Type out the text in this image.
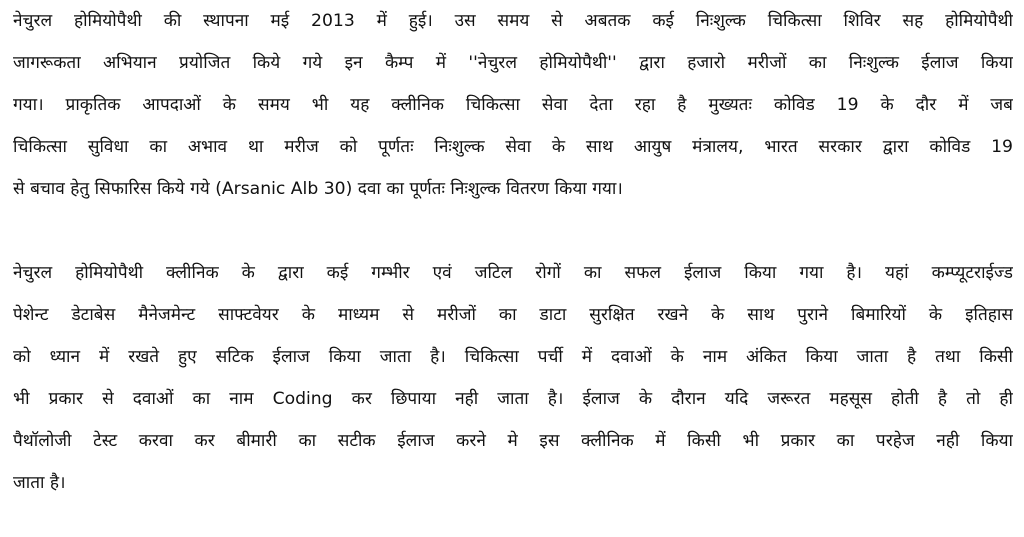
नेचुरल होमियोपैथी की स्थापना मई 2013 में हुई। उस समय से अबतक कई निःशुल्क चिकित्सा शिविर सह होमियोपैथी
जागरूकता अभियान प्रयोजित किये गये इन कैम्प में ''नेचुरल होमियोपैथी'' द्वारा हजारो मरीजों का निःशुल्क ईलाज किया
गया। प्राकृतिक आपदाओं के समय भी यह क्लीनिक चिकित्सा सेवा देता रहा है मुख्यतः कोविड 19 के दौर में जब
चिकित्सा सुविधा का अभाव था मरीज को पूर्णतः निःशुल्क सेवा के साथ आयुष मंत्रालय, भारत सरकार द्वारा कोविड 19
से बचाव हेतु सिफारिस किये गये (Arsanic Alb 30) दवा का पूर्णतः निःशुल्क वितरण किया गया।
नेचुरल होमियोपैथी क्लीनिक के द्वारा कई गम्भीर एवं जटिल रोगों का सफल ईलाज किया गया है। यहां कम्प्यूटराईज्ड
पेशेन्ट डेटाबेस मैनेजमेन्ट साफ्टवेयर के माध्यम से मरीजों का डाटा सुरक्षित रखने के साथ पुराने बिमारियों के इतिहास
को ध्यान में रखते हुए सटिक ईलाज किया जाता है। चिकित्सा पर्ची में दवाओं के नाम अंकित किया जाता है तथा किसी
भी प्रकार से दवाओं का नाम Coding कर छिपाया नही जाता है। ईलाज के दौरान यदि जरूरत महसूस होती है तो ही
पैथॉलोजी टेस्ट करवा कर बीमारी का सटीक ईलाज करने मे इस क्लीनिक में किसी भी प्रकार का परहेज नही किया
जाता है।
